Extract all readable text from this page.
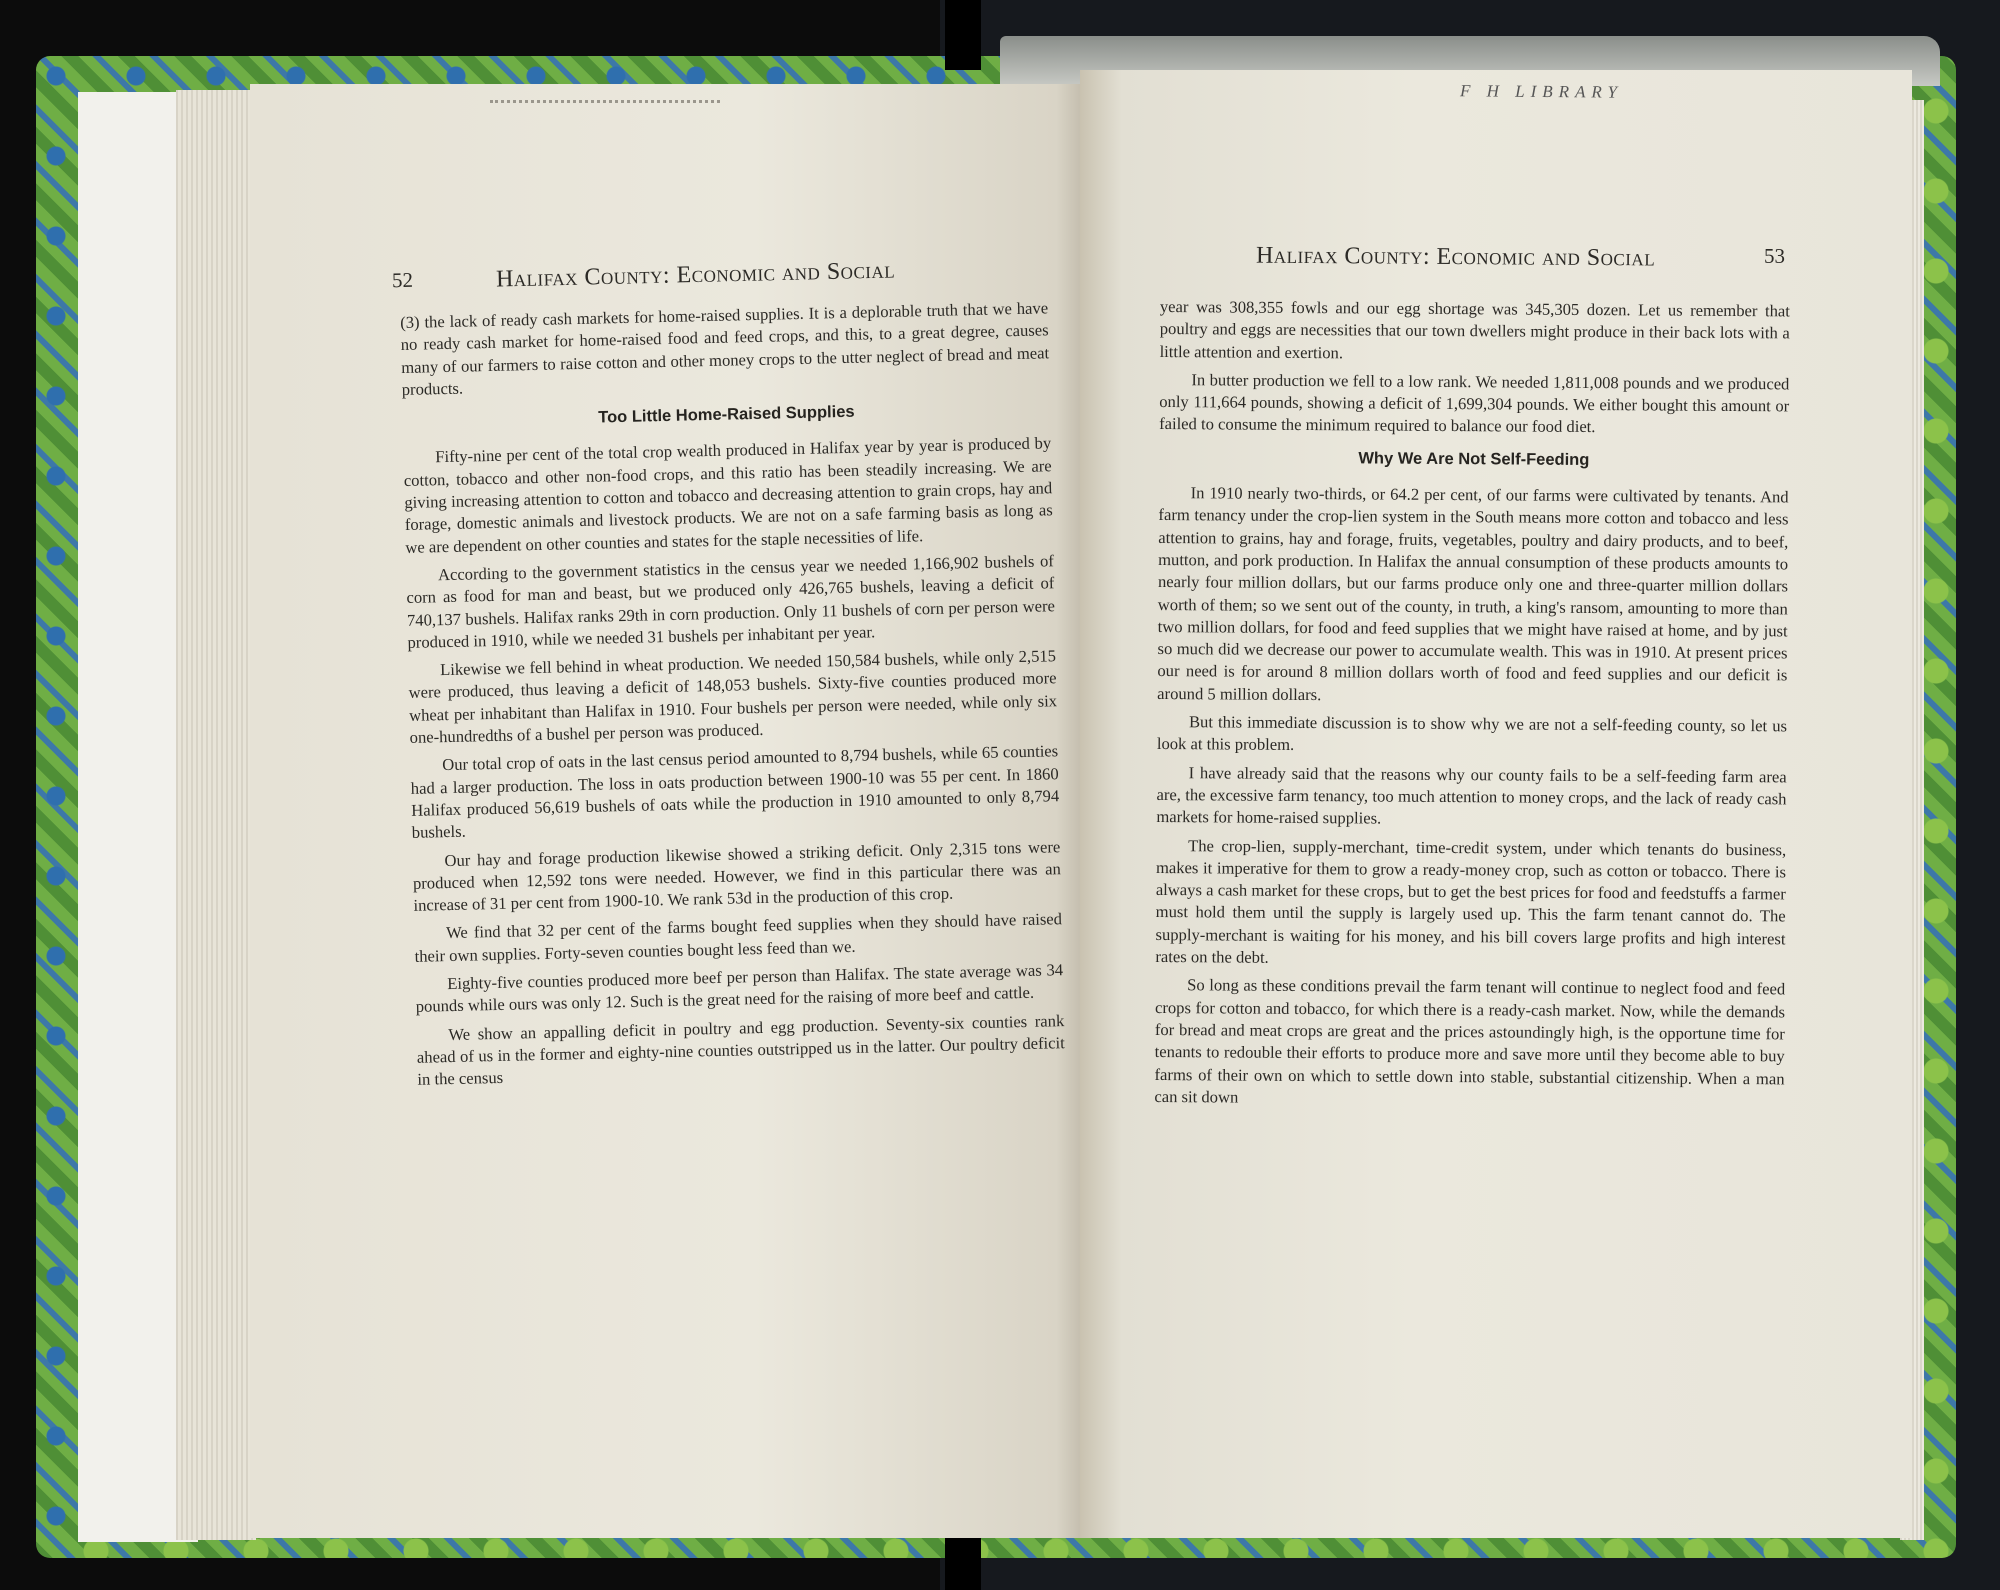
F H LIBRARY
52	Halifax County: Economic and Social
Halifax County: Economic and Social	53

(3) the lack of ready cash markets for home-raised supplies. It is a deplorable truth that we have no ready cash market for home-raised food and feed crops, and this, to a great degree, causes many of our farmers to raise cotton and other money crops to the utter neglect of bread and meat products.

Too Little Home-Raised Supplies

Fifty-nine per cent of the total crop wealth produced in Halifax year by year is produced by cotton, tobacco and other non-food crops, and this ratio has been steadily increasing. We are giving increasing attention to cotton and tobacco and decreasing attention to grain crops, hay and forage, domestic animals and livestock products. We are not on a safe farming basis as long as we are dependent on other counties and states for the staple necessities of life.

According to the government statistics in the census year we needed 1,166,902 bushels of corn as food for man and beast, but we produced only 426,765 bushels, leaving a deficit of 740,137 bushels. Halifax ranks 29th in corn production. Only 11 bushels of corn per person were produced in 1910, while we needed 31 bushels per inhabitant per year.

Likewise we fell behind in wheat production. We needed 150,584 bushels, while only 2,515 were produced, thus leaving a deficit of 148,053 bushels. Sixty-five counties produced more wheat per inhabitant than Halifax in 1910. Four bushels per person were needed, while only six one-hundredths of a bushel per person was produced.

Our total crop of oats in the last census period amounted to 8,794 bushels, while 65 counties had a larger production. The loss in oats production between 1900-10 was 55 per cent. In 1860 Halifax produced 56,619 bushels of oats while the production in 1910 amounted to only 8,794 bushels.

Our hay and forage production likewise showed a striking deficit. Only 2,315 tons were produced when 12,592 tons were needed. However, we find in this particular there was an increase of 31 per cent from 1900-10. We rank 53d in the production of this crop.

We find that 32 per cent of the farms bought feed supplies when they should have raised their own supplies. Forty-seven counties bought less feed than we.

Eighty-five counties produced more beef per person than Halifax. The state average was 34 pounds while ours was only 12. Such is the great need for the raising of more beef and cattle.

We show an appalling deficit in poultry and egg production. Seventy-six counties rank ahead of us in the former and eighty-nine counties outstripped us in the latter. Our poultry deficit in the census

year was 308,355 fowls and our egg shortage was 345,305 dozen. Let us remember that poultry and eggs are necessities that our town dwellers might produce in their back lots with a little attention and exertion.

In butter production we fell to a low rank. We needed 1,811,008 pounds and we produced only 111,664 pounds, showing a deficit of 1,699,304 pounds. We either bought this amount or failed to consume the minimum required to balance our food diet.

Why We Are Not Self-Feeding

In 1910 nearly two-thirds, or 64.2 per cent, of our farms were cultivated by tenants. And farm tenancy under the crop-lien system in the South means more cotton and tobacco and less attention to grains, hay and forage, fruits, vegetables, poultry and dairy products, and to beef, mutton, and pork production. In Halifax the annual consumption of these products amounts to nearly four million dollars, but our farms produce only one and three-quarter million dollars worth of them; so we sent out of the county, in truth, a king's ransom, amounting to more than two million dollars, for food and feed supplies that we might have raised at home, and by just so much did we decrease our power to accumulate wealth. This was in 1910. At present prices our need is for around 8 million dollars worth of food and feed supplies and our deficit is around 5 million dollars.

But this immediate discussion is to show why we are not a self-feeding county, so let us look at this problem.

I have already said that the reasons why our county fails to be a self-feeding farm area are, the excessive farm tenancy, too much attention to money crops, and the lack of ready cash markets for home-raised supplies.

The crop-lien, supply-merchant, time-credit system, under which tenants do business, makes it imperative for them to grow a ready-money crop, such as cotton or tobacco. There is always a cash market for these crops, but to get the best prices for food and feedstuffs a farmer must hold them until the supply is largely used up. This the farm tenant cannot do. The supply-merchant is waiting for his money, and his bill covers large profits and high interest rates on the debt.

So long as these conditions prevail the farm tenant will continue to neglect food and feed crops for cotton and tobacco, for which there is a ready-cash market. Now, while the demands for bread and meat crops are great and the prices astoundingly high, is the opportune time for tenants to redouble their efforts to produce more and save more until they become able to buy farms of their own on which to settle down into stable, substantial citizenship. When a man can sit down
